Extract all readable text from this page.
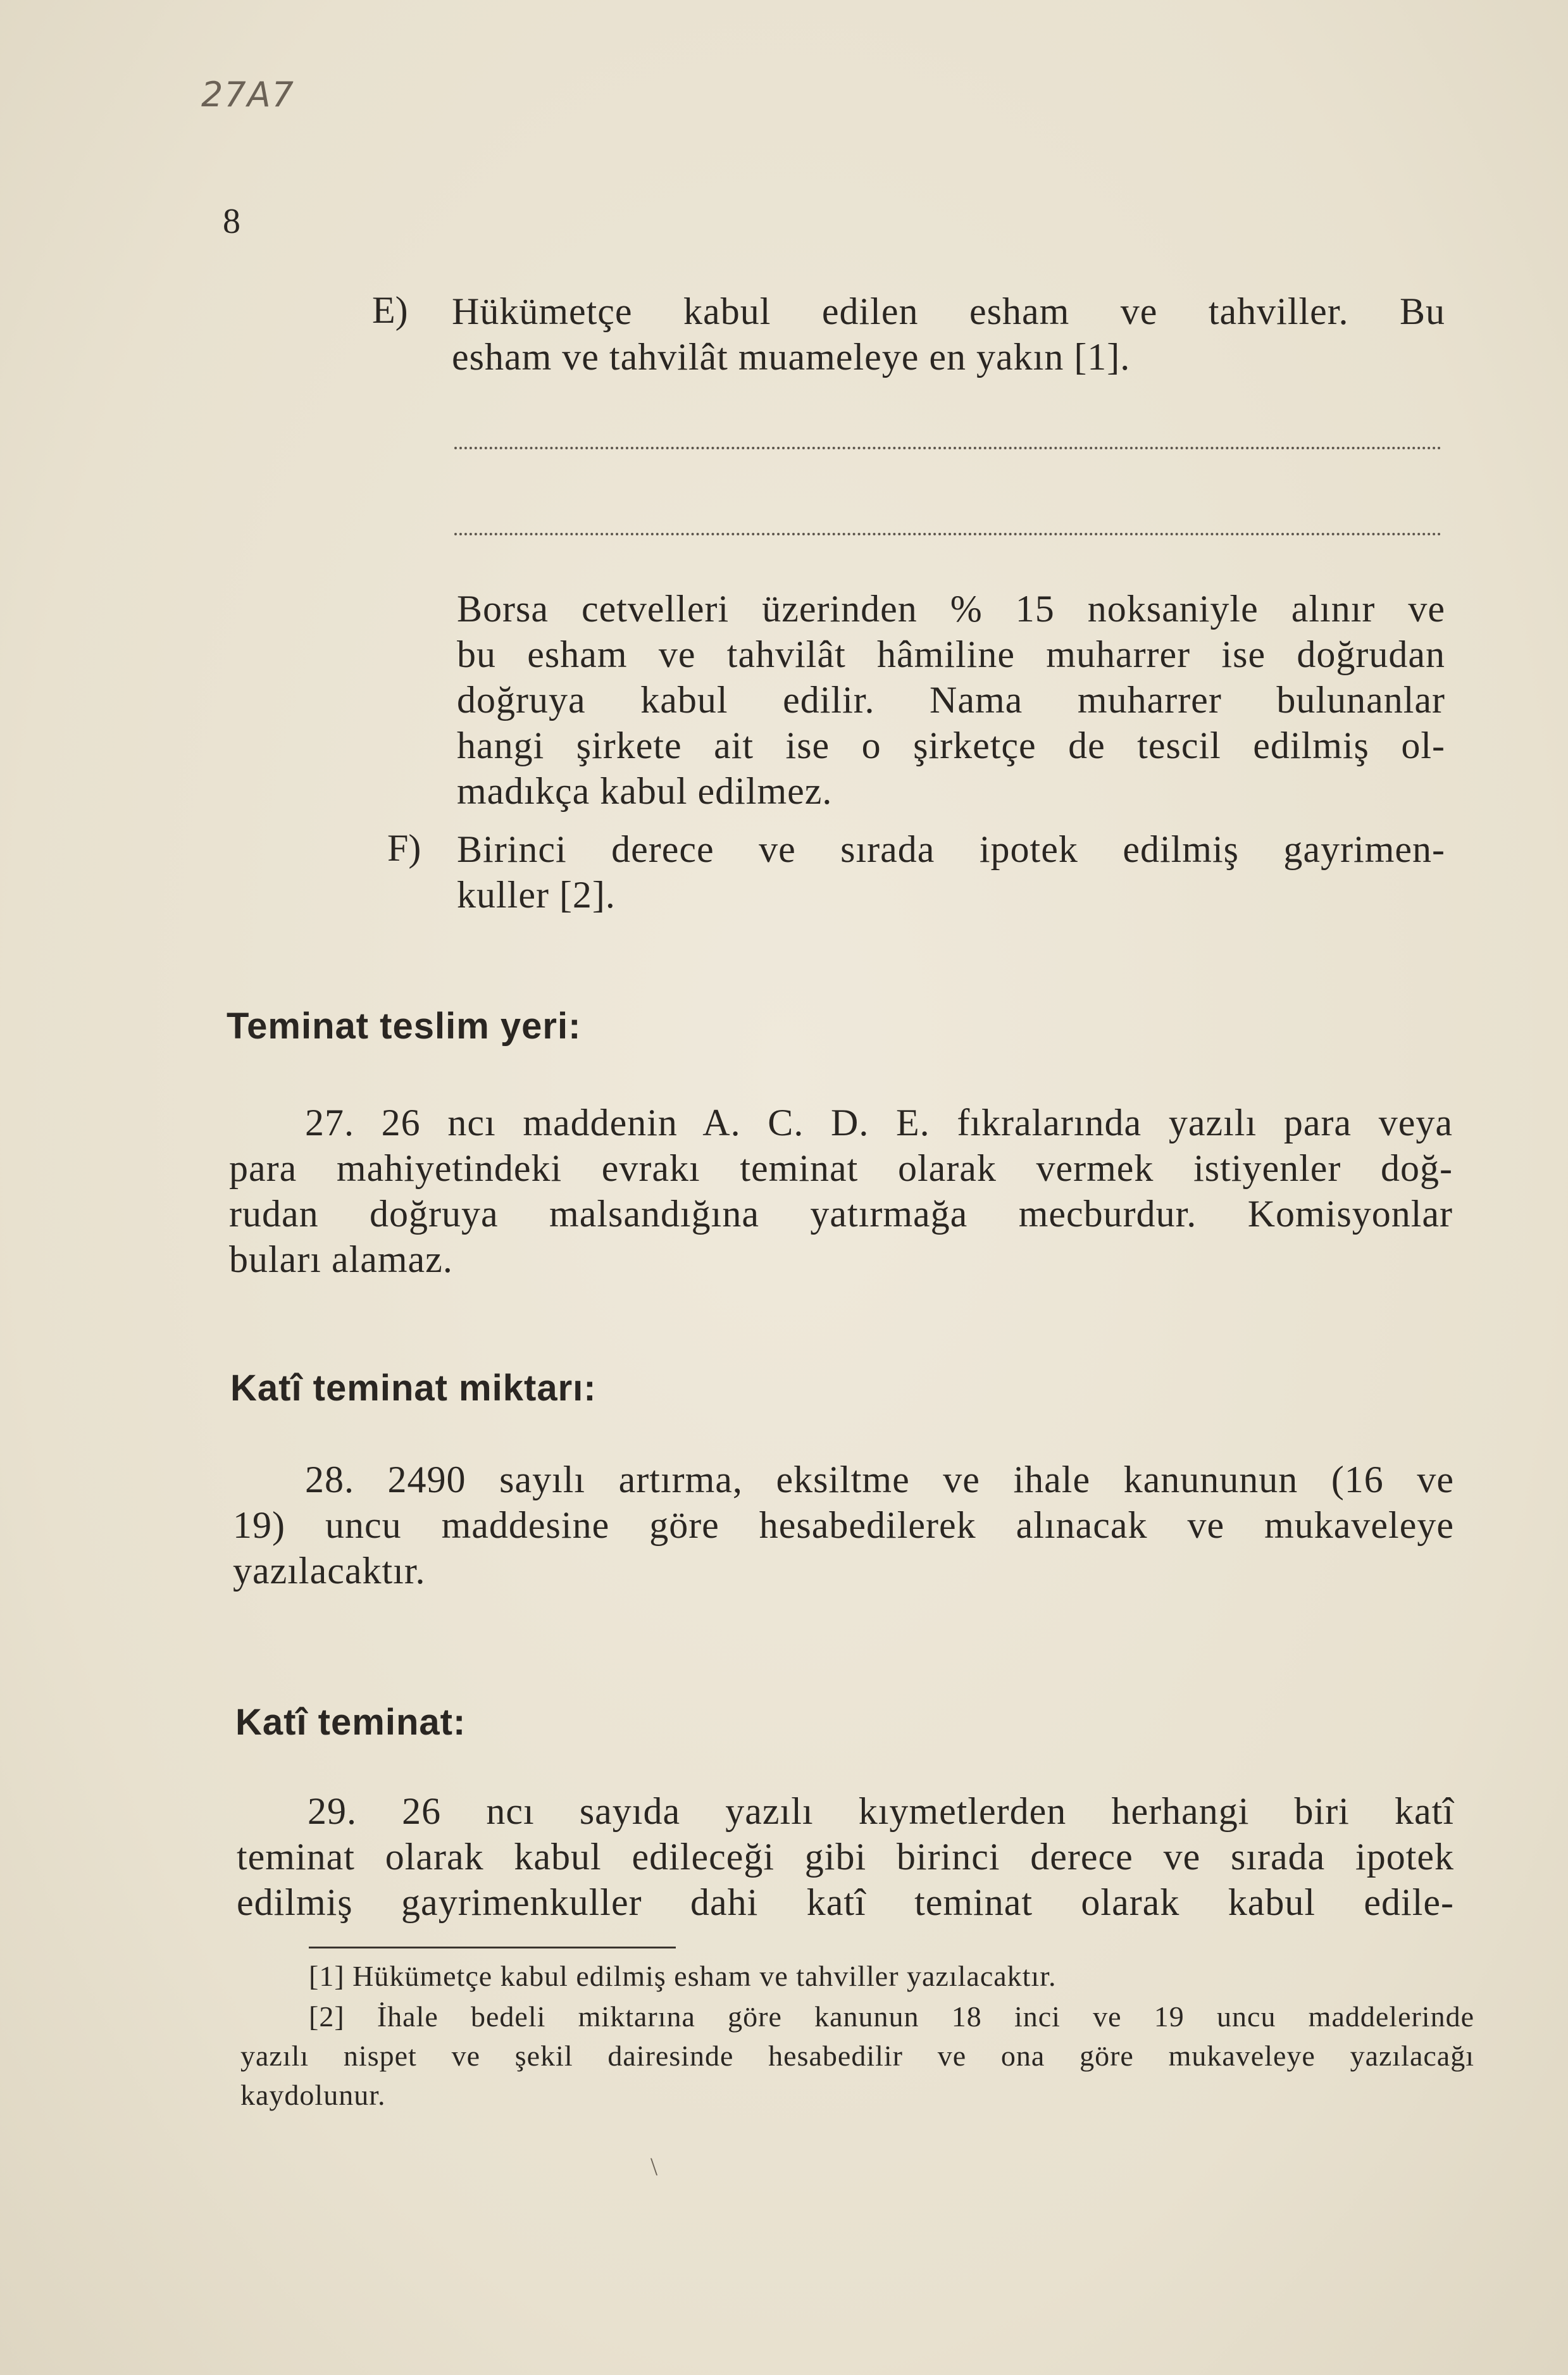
27A7
8
E) Hükümetçe kabul edilen esham ve tahviller. Bu
esham ve tahvilât muameleye en yakın [1].
Borsa cetvelleri üzerinden % 15 noksaniyle alınır ve
bu esham ve tahvilât hâmiline muharrer ise doğrudan
doğruya kabul edilir. Nama muharrer bulunanlar
hangi şirkete ait ise o şirketçe de tescil edilmiş ol-
madıkça kabul edilmez.
F) Birinci derece ve sırada ipotek edilmiş gayrimen-
kuller [2].
Teminat teslim yeri:
27. 26 ncı maddenin A. C. D. E. fıkralarında yazılı para veya
para mahiyetindeki evrakı teminat olarak vermek istiyenler doğ-
rudan doğruya malsandığına yatırmağa mecburdur. Komisyonlar
buları alamaz.
Katî teminat miktarı:
28. 2490 sayılı artırma, eksiltme ve ihale kanununun (16 ve
19) uncu maddesine göre hesabedilerek alınacak ve mukaveleye
yazılacaktır.
Katî teminat:
29. 26 ncı sayıda yazılı kıymetlerden herhangi biri katî
teminat olarak kabul edileceği gibi birinci derece ve sırada ipotek
edilmiş gayrimenkuller dahi katî teminat olarak kabul edile-
[1] Hükümetçe kabul edilmiş esham ve tahviller yazılacaktır.
[2] İhale bedeli miktarına göre kanunun 18 inci ve 19 uncu maddelerinde
yazılı nispet ve şekil dairesinde hesabedilir ve ona göre mukaveleye yazılacağı
kaydolunur.
\
